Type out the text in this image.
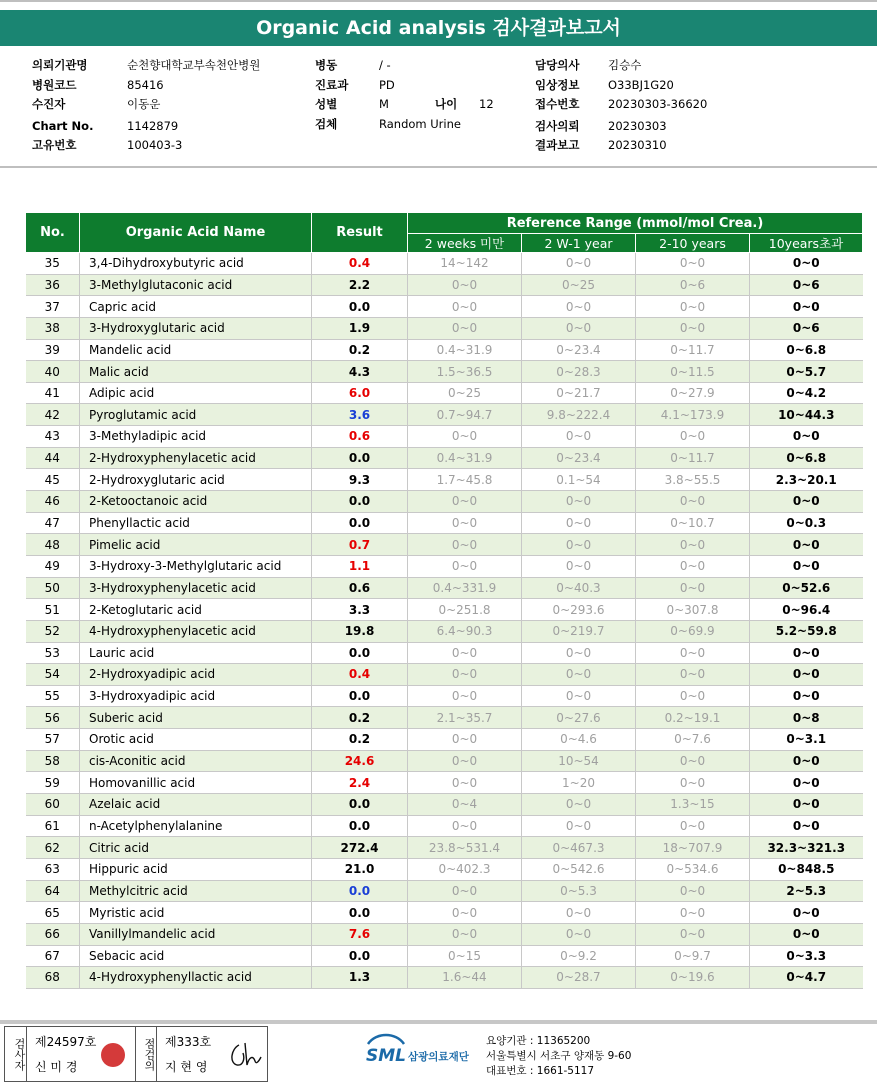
Organic Acid analysis 검사결과보고서
의뢰기관명	순천향대학교부속천안병원
병원코드	85416
수진자	이동운
Chart No.	1142879
고유번호	100403-3
병동	/ -
진료과	PD
성별	M	나이 12
검체	Random Urine
담당의사 김승수
임상정보 O33BJ1G20
접수번호 20230303-36620
검사의뢰 20230303
결과보고 20230310
No.	Organic Acid Name	Result	Reference Range (mmol/mol Crea.)			
			2 weeks 미만	2 W-1 year	2-10 years	10years초과
35	3,4-Dihydroxybutyric acid	0.4	14~142	0~0	0~0	0~0
36	3-Methylglutaconic acid	2.2	0~0	0~25	0~6	0~6
37	Capric acid	0.0	0~0	0~0	0~0	0~0
38	3-Hydroxyglutaric acid	1.9	0~0	0~0	0~0	0~6
39	Mandelic acid	0.2	0.4~31.9	0~23.4	0~11.7	0~6.8
40	Malic acid	4.3	1.5~36.5	0~28.3	0~11.5	0~5.7
41	Adipic acid	6.0	0~25	0~21.7	0~27.9	0~4.2
42	Pyroglutamic acid	3.6	0.7~94.7	9.8~222.4	4.1~173.9	10~44.3
43	3-Methyladipic acid	0.6	0~0	0~0	0~0	0~0
44	2-Hydroxyphenylacetic acid	0.0	0.4~31.9	0~23.4	0~11.7	0~6.8
45	2-Hydroxyglutaric acid	9.3	1.7~45.8	0.1~54	3.8~55.5	2.3~20.1
46	2-Ketooctanoic acid	0.0	0~0	0~0	0~0	0~0
47	Phenyllactic acid	0.0	0~0	0~0	0~10.7	0~0.3
48	Pimelic acid	0.7	0~0	0~0	0~0	0~0
49	3-Hydroxy-3-Methylglutaric acid	1.1	0~0	0~0	0~0	0~0
50	3-Hydroxyphenylacetic acid	0.6	0.4~331.9	0~40.3	0~0	0~52.6
51	2-Ketoglutaric acid	3.3	0~251.8	0~293.6	0~307.8	0~96.4
52	4-Hydroxyphenylacetic acid	19.8	6.4~90.3	0~219.7	0~69.9	5.2~59.8
53	Lauric acid	0.0	0~0	0~0	0~0	0~0
54	2-Hydroxyadipic acid	0.4	0~0	0~0	0~0	0~0
55	3-Hydroxyadipic acid	0.0	0~0	0~0	0~0	0~0
56	Suberic acid	0.2	2.1~35.7	0~27.6	0.2~19.1	0~8
57	Orotic acid	0.2	0~0	0~4.6	0~7.6	0~3.1
58	cis-Aconitic acid	24.6	0~0	10~54	0~0	0~0
59	Homovanillic acid	2.4	0~0	1~20	0~0	0~0
60	Azelaic acid	0.0	0~4	0~0	1.3~15	0~0
61	n-Acetylphenylalanine	0.0	0~0	0~0	0~0	0~0
62	Citric acid	272.4	23.8~531.4	0~467.3	18~707.9	32.3~321.3
63	Hippuric acid	21.0	0~402.3	0~542.6	0~534.6	0~848.5
64	Methylcitric acid	0.0	0~0	0~5.3	0~0	2~5.3
65	Myristic acid	0.0	0~0	0~0	0~0	0~0
66	Vanillylmandelic acid	7.6	0~0	0~0	0~0	0~0
67	Sebacic acid	0.0	0~15	0~9.2	0~9.7	0~3.3
68	4-Hydroxyphenyllactic acid	1.3	1.6~44	0~28.7	0~19.6	0~4.7
검사자 제24597호
신 미 경	점검의 제333호
지 현 영
SML 삼광의료재단
요양기관 : 11365200
서울특별시 서초구 양재동 9-60
대표번호 : 1661-5117
